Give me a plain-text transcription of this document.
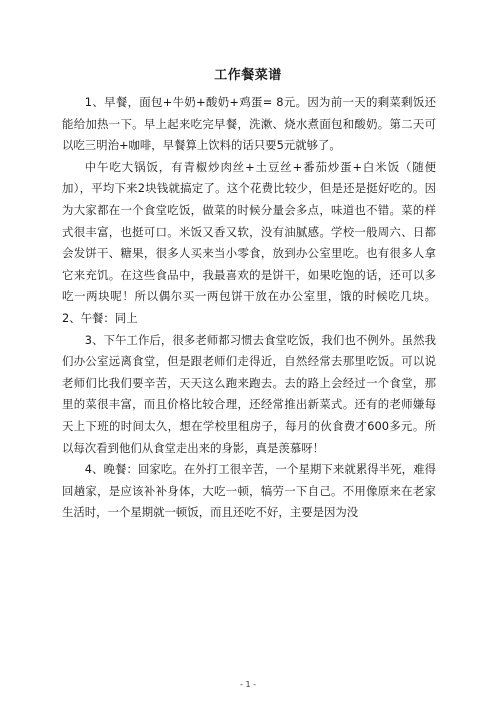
工作餐菜谱

1、早餐，面包+牛奶+酸奶+鸡蛋= 8元。因为前一天的剩菜剩饭还能给加热一下。早上起来吃完早餐，洗漱、烧水煮面包和酸奶。第二天可以吃三明治+咖啡，早餐算上饮料的话只要5元就够了。

中午吃大锅饭，有青椒炒肉丝+土豆丝+番茄炒蛋+白米饭（随便加），平均下来2块钱就搞定了。这个花费比较少，但是还是挺好吃的。因为大家都在一个食堂吃饭，做菜的时候分量会多点，味道也不错。菜的样式很丰富，也挺可口。米饭又香又软，没有油腻感。学校一般周六、日都会发饼干、糖果，很多人买来当小零食，放到办公室里吃。也有很多人拿它来充饥。在这些食品中，我最喜欢的是饼干，如果吃饱的话，还可以多吃一两块呢！所以偶尔买一两包饼干放在办公室里，饿的时候吃几块。 2、午餐：同上

3、下午工作后，很多老师都习惯去食堂吃饭，我们也不例外。虽然我们办公室远离食堂，但是跟老师们走得近，自然经常去那里吃饭。可以说老师们比我们要辛苦，天天这么跑来跑去。去的路上会经过一个食堂，那里的菜很丰富，而且价格比较合理，还经常推出新菜式。还有的老师嫌每天上下班的时间太久，想在学校里租房子，每月的伙食费才600多元。所以每次看到他们从食堂走出来的身影，真是羡慕呀！

4、晚餐：回家吃。在外打工很辛苦，一个星期下来就累得半死，难得回趟家，是应该补补身体，大吃一顿，犒劳一下自己。不用像原来在老家生活时，一个星期就一顿饭，而且还吃不好，主要是因为没

- 1 -
